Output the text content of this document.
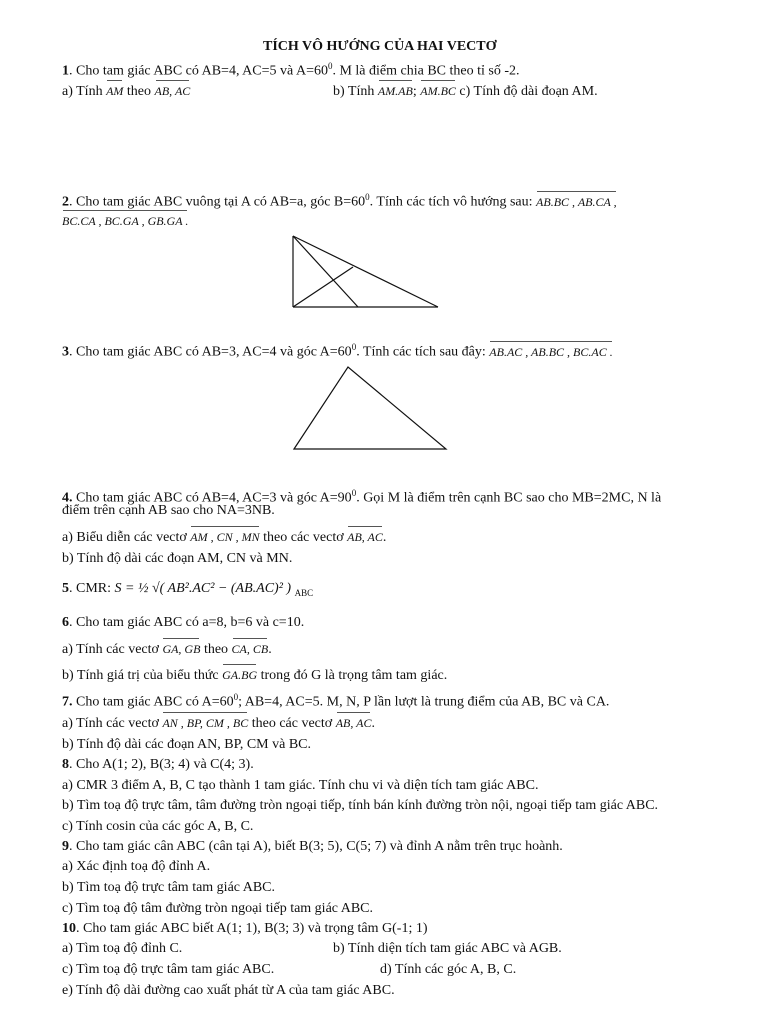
TÍCH VÔ HƯỚNG CỦA HAI VECTƠ
1. Cho tam giác ABC có AB=4, AC=5 và $A=60^0$. M là điểm chia BC theo tỉ số -2.
a) Tính AM theo AB, AC	b) Tính AM.AB; AM.BC c) Tính độ dài đoạn AM.
2. Cho tam giác ABC vuông tại A có AB=a, góc $B=60^0$. Tính các tích vô hướng sau: AB.BC , AB.CA ,
BC.CA , BC.GA , GB.GA .
3. Cho tam giác ABC có AB=3, AC=4 và góc $A=60^0$. Tính các tích sau đây: AB.AC , AB.BC , BC.AC .
4. Cho tam giác ABC có AB=4, AC=3 và góc $A=90^0$. Gọi M là điểm trên cạnh BC sao cho MB=2MC, N là
điểm trên cạnh AB sao cho NA=3NB.
a) Biểu diễn các vectơ AM , CN , MN theo các vectơ AB, AC.
b) Tính độ dài các đoạn AM, CN và MN.
5. CMR: S = ½ √( AB².AC² − (AB.AC)² ) $_{ABC}$
6. Cho tam giác ABC có a=8, b=6 và c=10.
a) Tính các vectơ GA, GB theo CA, CB.
b) Tính giá trị của biểu thức GA.BG trong đó G là trọng tâm tam giác.
7. Cho tam giác ABC có $A=60^0$; AB=4, AC=5. M, N, P lần lượt là trung điểm của AB, BC và CA.
a) Tính các vectơ AN , BP, CM , BC theo các vectơ AB, AC.
b) Tính độ dài các đoạn AN, BP, CM và BC.
8. Cho A(1; 2), B(3; 4) và C(4; 3).
a) CMR 3 điểm A, B, C tạo thành 1 tam giác. Tính chu vi và diện tích tam giác ABC.
b) Tìm toạ độ trực tâm, tâm đường tròn ngoại tiếp, tính bán kính đường tròn nội, ngoại tiếp tam giác ABC.
c) Tính cosin của các góc A, B, C.
9. Cho tam giác cân ABC (cân tại A), biết B(3; 5), C(5; 7) và đỉnh A nằm trên trục hoành.
a) Xác định toạ độ đỉnh A.
b) Tìm toạ độ trực tâm tam giác ABC.
c) Tìm toạ độ tâm đường tròn ngoại tiếp tam giác ABC.
10. Cho tam giác ABC biết A(1; 1), B(3; 3) và trọng tâm G(-1; 1)
a) Tìm toạ độ đỉnh C.	b) Tính diện tích tam giác ABC và AGB.
c) Tìm toạ độ trực tâm tam giác ABC.	d) Tính các góc A, B, C.
e) Tính độ dài đường cao xuất phát từ A của tam giác ABC.
